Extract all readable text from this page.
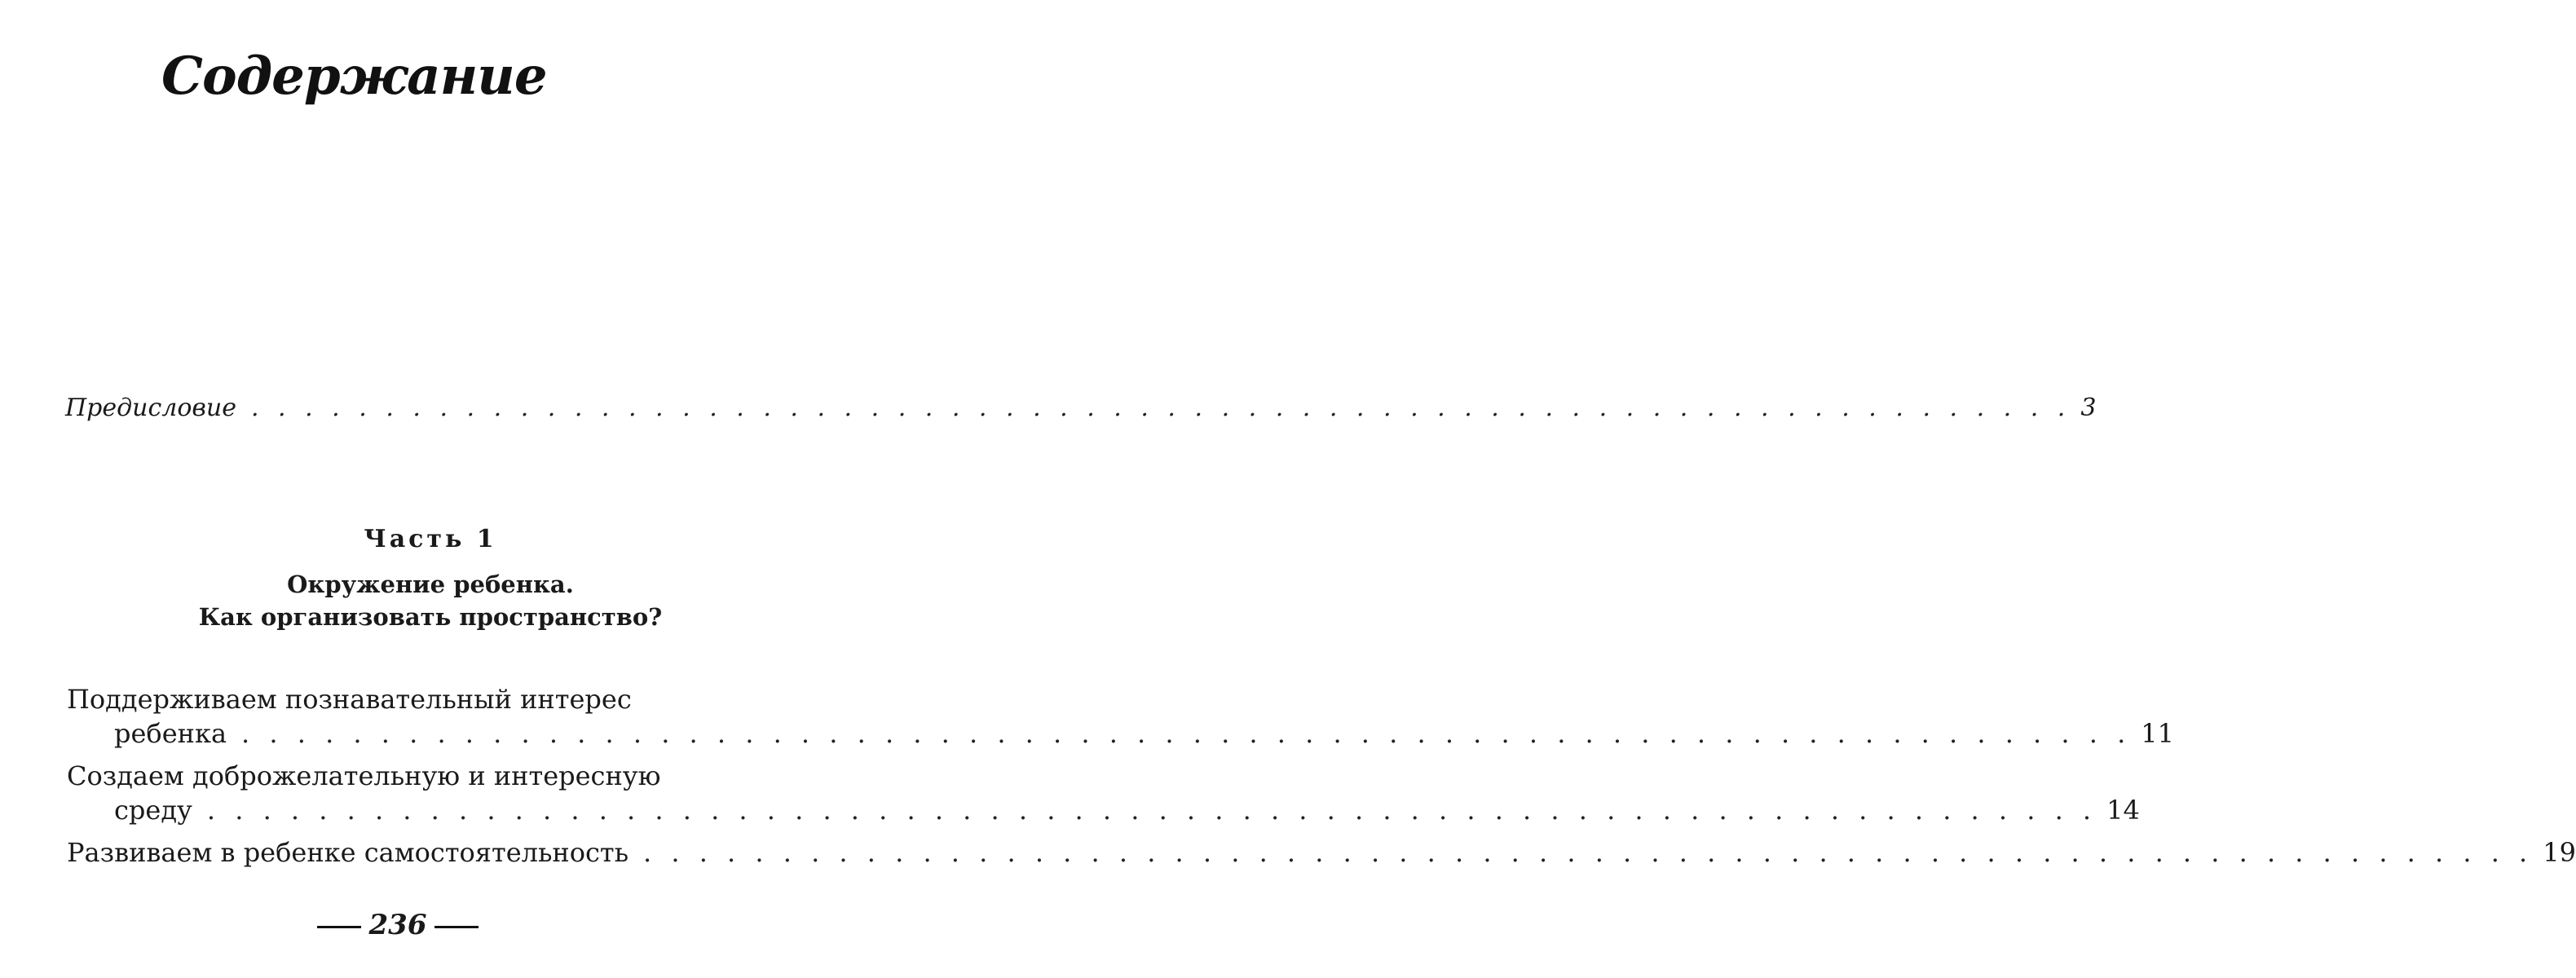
Содержание
Предисловие . . . . . . . . . . . . . . . . . . . . . . . . . . . . . . . . . . . . . . . . . . . . . . . . . . . . . . . . . . . . . . . . . . . . 3
Часть 1
Окружение ребенка.
Как организовать пространство?
Поддерживаем познавательный интерес
ребенка . . . . . . . . . . . . . . . . . . . . . . . . . . . . . . . . . . . . . . . . . . . . . . . . . . . . . . . . . . . . . . . . . . . . 11
Создаем доброжелательную и интересную
среду . . . . . . . . . . . . . . . . . . . . . . . . . . . . . . . . . . . . . . . . . . . . . . . . . . . . . . . . . . . . . . . . . . . . 14
Развиваем в ребенке самостоятельность . . . . . . . . . . . . . . . . . . . . . . . . . . . . . . . . . . . . . . . . . . . . . . . . . . . . . . . . . . . . . . . . . . . . 19
236
